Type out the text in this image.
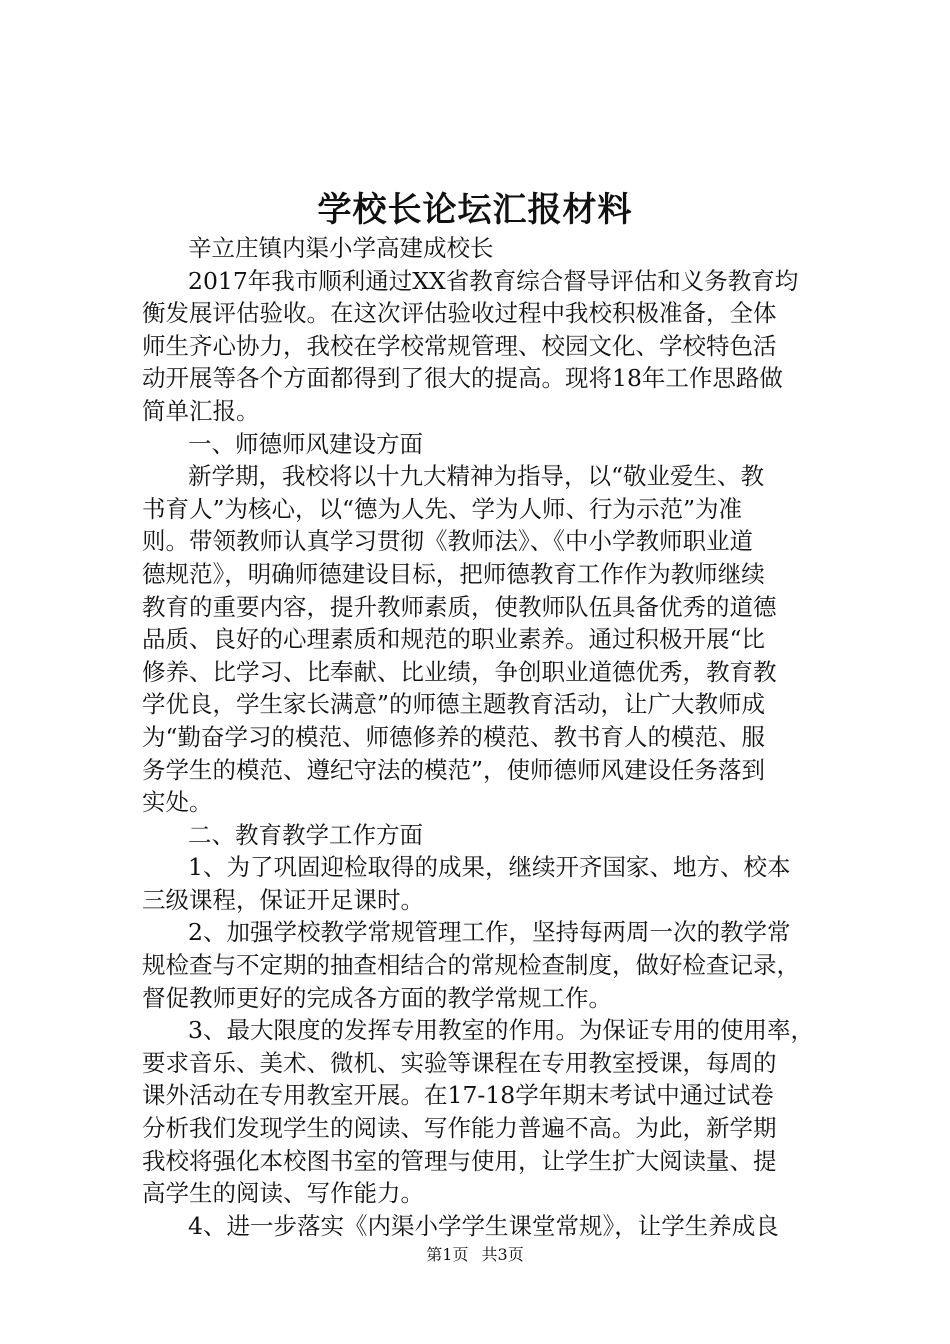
学校长论坛汇报材料
辛立庄镇内渠小学高建成校长
2017年我市顺利通过XX省教育综合督导评估和义务教育均
衡发展评估验收。在这次评估验收过程中我校积极准备，全体
师生齐心协力，我校在学校常规管理、校园文化、学校特色活
动开展等各个方面都得到了很大的提高。现将18年工作思路做
简单汇报。
一、师德师风建设方面
新学期，我校将以十九大精神为指导，以“敬业爱生、教
书育人”为核心，以“德为人先、学为人师、行为示范”为准
则。带领教师认真学习贯彻《教师法》、《中小学教师职业道
德规范》，明确师德建设目标，把师德教育工作作为教师继续
教育的重要内容，提升教师素质，使教师队伍具备优秀的道德
品质、良好的心理素质和规范的职业素养。通过积极开展“比
修养、比学习、比奉献、比业绩，争创职业道德优秀，教育教
学优良，学生家长满意”的师德主题教育活动，让广大教师成
为“勤奋学习的模范、师德修养的模范、教书育人的模范、服
务学生的模范、遵纪守法的模范”，使师德师风建设任务落到
实处。
二、教育教学工作方面
1、为了巩固迎检取得的成果，继续开齐国家、地方、校本
三级课程，保证开足课时。
2、加强学校教学常规管理工作，坚持每两周一次的教学常
规检查与不定期的抽查相结合的常规检查制度，做好检查记录，
督促教师更好的完成各方面的教学常规工作。
3、最大限度的发挥专用教室的作用。为保证专用的使用率，
要求音乐、美术、微机、实验等课程在专用教室授课，每周的
课外活动在专用教室开展。在17-18学年期末考试中通过试卷
分析我们发现学生的阅读、写作能力普遍不高。为此，新学期
我校将强化本校图书室的管理与使用，让学生扩大阅读量、提
高学生的阅读、写作能力。
4、进一步落实《内渠小学学生课堂常规》，让学生养成良
第1页 共3页
